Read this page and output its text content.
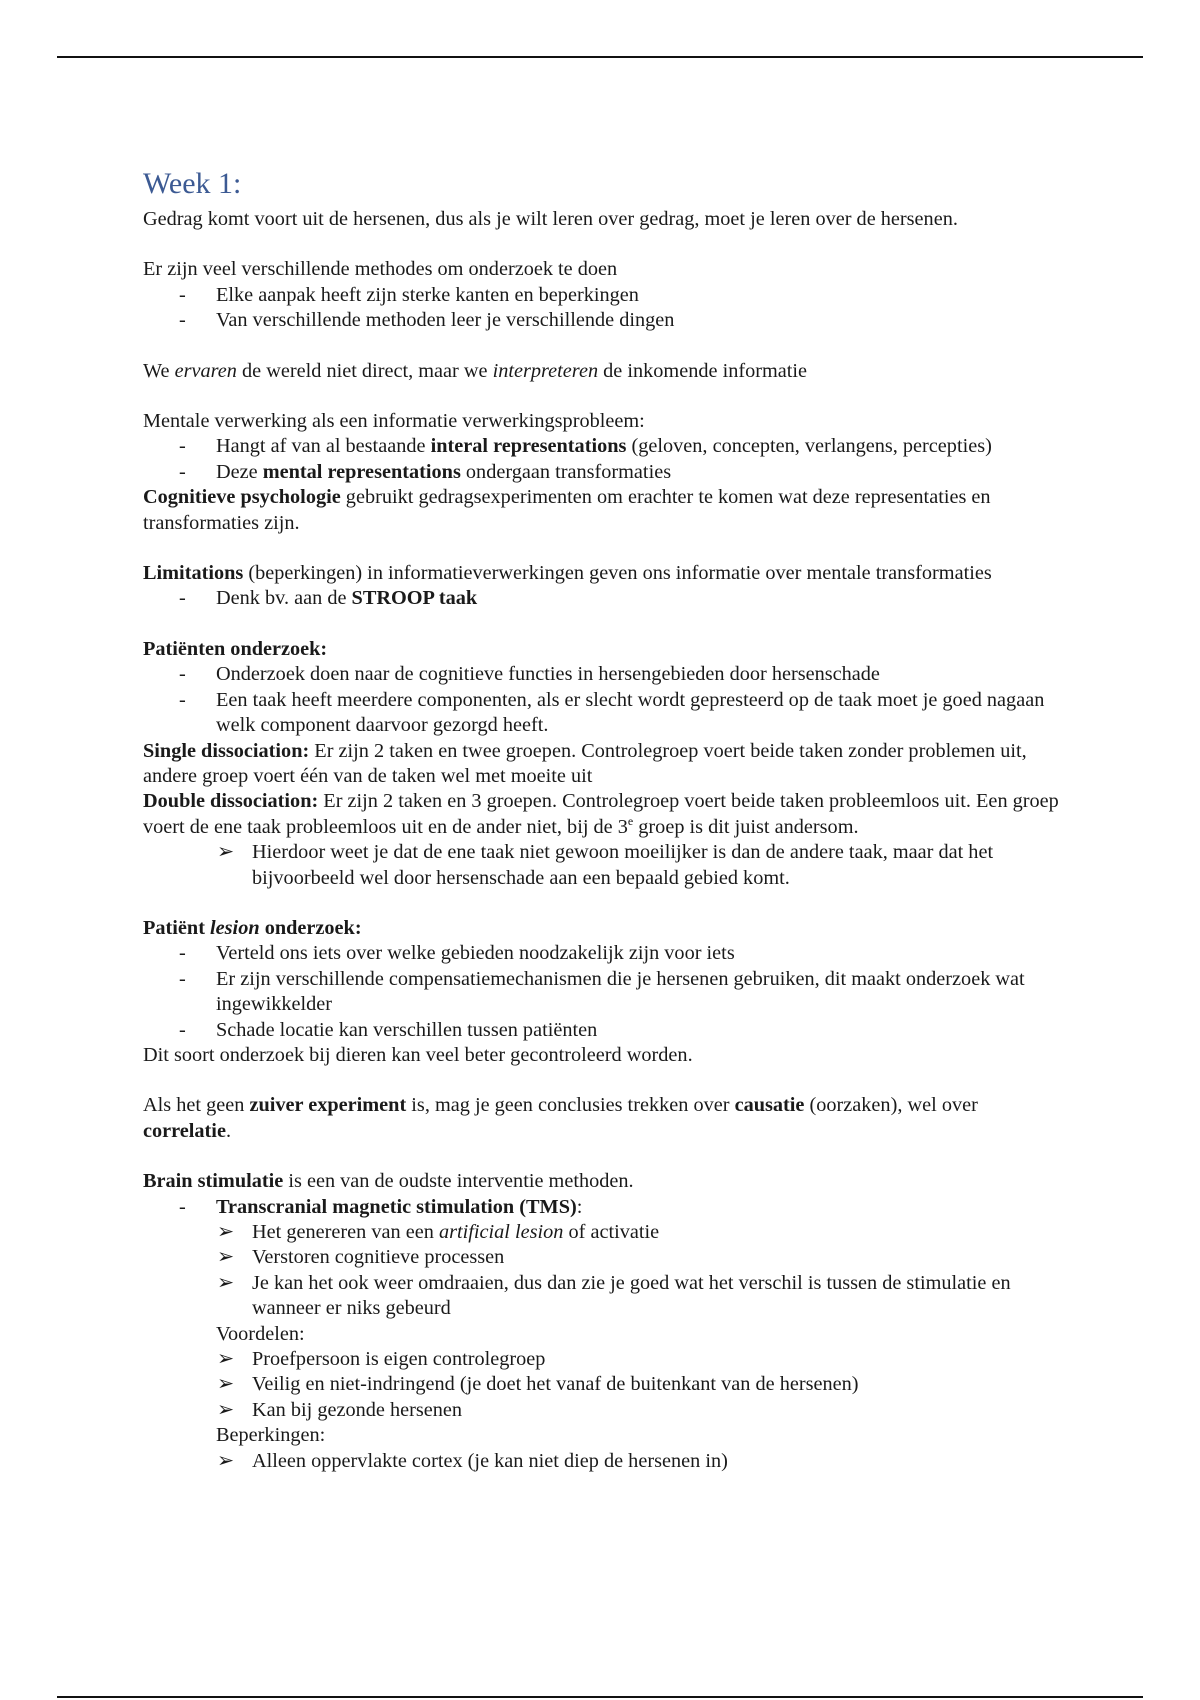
Week 1:

Gedrag komt voort uit de hersenen, dus als je wilt leren over gedrag, moet je leren over de hersenen.

Er zijn veel verschillende methodes om onderzoek te doen

- Elke aanpak heeft zijn sterke kanten en beperkingen
- Van verschillende methoden leer je verschillende dingen

We ervaren de wereld niet direct, maar we interpreteren de inkomende informatie

Mentale verwerking als een informatie verwerkingsprobleem:

- Hangt af van al bestaande interal representations (geloven, concepten, verlangens, percepties)
- Deze mental representations ondergaan transformaties

Cognitieve psychologie gebruikt gedragsexperimenten om erachter te komen wat deze representaties en transformaties zijn.

Limitations (beperkingen) in informatieverwerkingen geven ons informatie over mentale transformaties

- Denk bv. aan de STROOP taak

Patiënten onderzoek:

- Onderzoek doen naar de cognitieve functies in hersengebieden door hersenschade
- Een taak heeft meerdere componenten, als er slecht wordt gepresteerd op de taak moet je goed nagaan welk component daarvoor gezorgd heeft.

Single dissociation: Er zijn 2 taken en twee groepen. Controlegroep voert beide taken zonder problemen uit, andere groep voert één van de taken wel met moeite uit

Double dissociation: Er zijn 2 taken en 3 groepen. Controlegroep voert beide taken probleemloos uit. Een groep voert de ene taak probleemloos uit en de ander niet, bij de 3e groep is dit juist andersom.

➢ Hierdoor weet je dat de ene taak niet gewoon moeilijker is dan de andere taak, maar dat het bijvoorbeeld wel door hersenschade aan een bepaald gebied komt.

Patiënt lesion onderzoek:

- Verteld ons iets over welke gebieden noodzakelijk zijn voor iets
- Er zijn verschillende compensatiemechanismen die je hersenen gebruiken, dit maakt onderzoek wat ingewikkelder
- Schade locatie kan verschillen tussen patiënten

Dit soort onderzoek bij dieren kan veel beter gecontroleerd worden.

Als het geen zuiver experiment is, mag je geen conclusies trekken over causatie (oorzaken), wel over correlatie.

Brain stimulatie is een van de oudste interventie methoden.

- Transcranial magnetic stimulation (TMS):
➢ Het genereren van een artificial lesion of activatie
➢ Verstoren cognitieve processen
➢ Je kan het ook weer omdraaien, dus dan zie je goed wat het verschil is tussen de stimulatie en wanneer er niks gebeurd

Voordelen:

➢ Proefpersoon is eigen controlegroep
➢ Veilig en niet-indringend (je doet het vanaf de buitenkant van de hersenen)
➢ Kan bij gezonde hersenen

Beperkingen:

➢ Alleen oppervlakte cortex (je kan niet diep de hersenen in)
